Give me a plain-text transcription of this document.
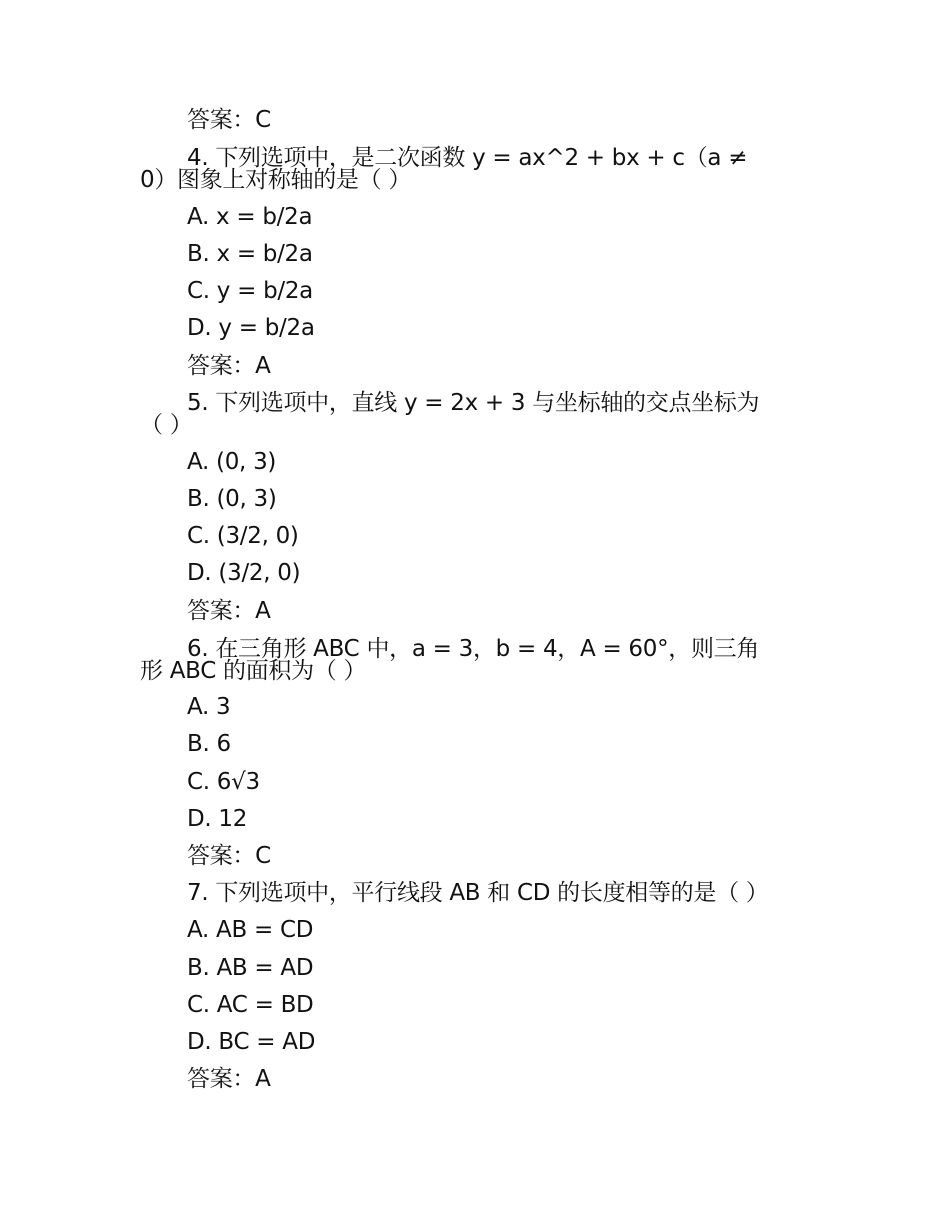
答案：C
4. 下列选项中，是二次函数 y = ax^2 + bx + c（a ≠
0）图象上对称轴的是（ ）
A. x = b/2a
B. x = b/2a
C. y = b/2a
D. y = b/2a
答案：A
5. 下列选项中，直线 y = 2x + 3 与坐标轴的交点坐标为
（ ）
A. (0, 3)
B. (0, 3)
C. (3/2, 0)
D. (3/2, 0)
答案：A
6. 在三角形 ABC 中，a = 3，b = 4，A = 60°，则三角
形 ABC 的面积为（ ）
A. 3
B. 6
C. 6√3
D. 12
答案：C
7. 下列选项中，平行线段 AB 和 CD 的长度相等的是（ ）
A. AB = CD
B. AB = AD
C. AC = BD
D. BC = AD
答案：A
